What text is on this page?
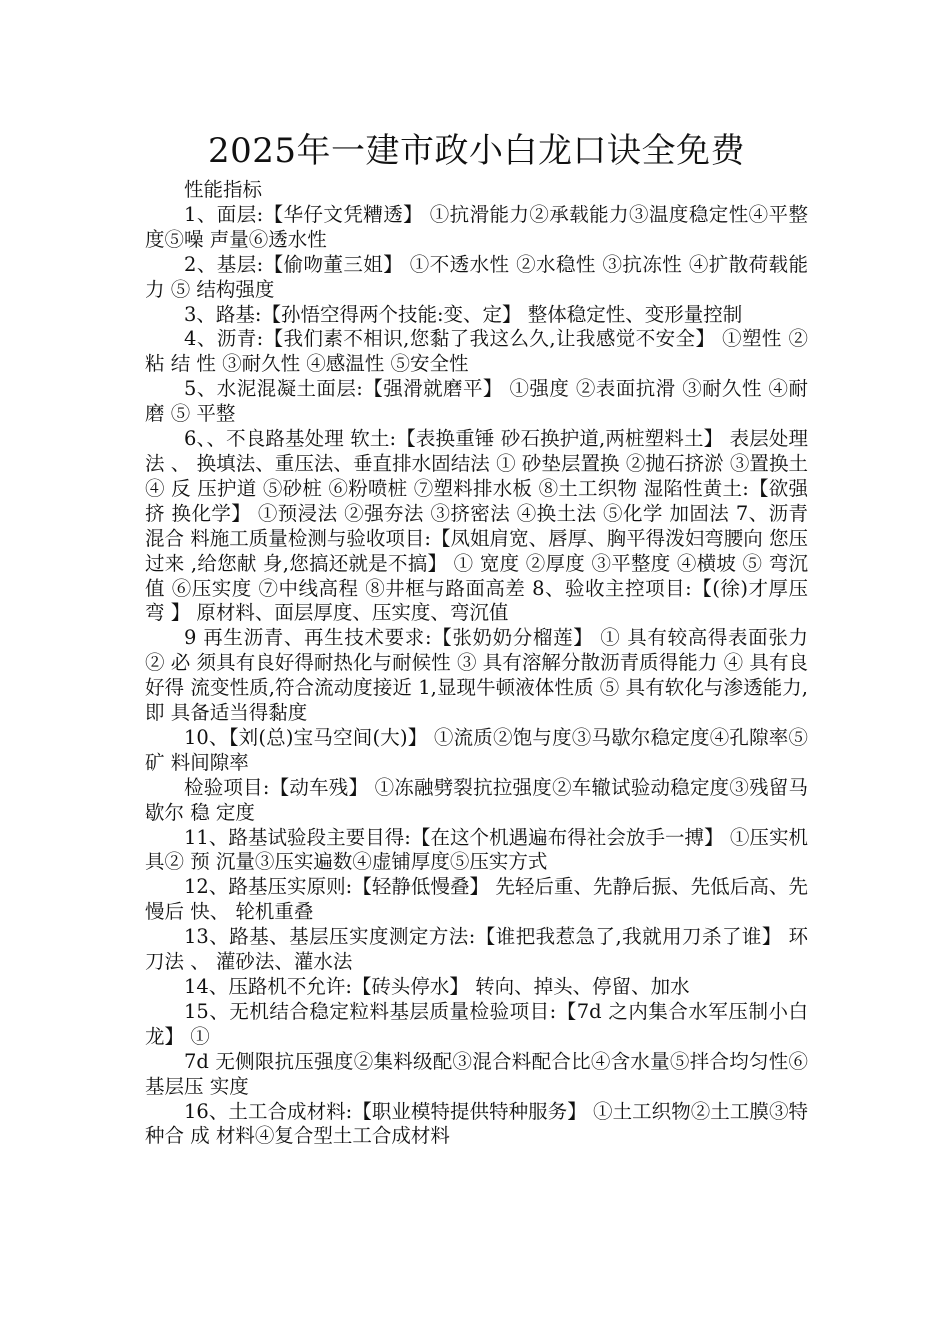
2025年一建市政小白龙口诀全免费

性能指标

1、面层:【华仔文凭糟透】 ①抗滑能力②承载能力③温度稳定性④平整度⑤噪 声量⑥透水性

2、基层:【偷吻董三姐】 ①不透水性 ②水稳性 ③抗冻性 ④扩散荷载能力 ⑤ 结构强度

3、路基:【孙悟空得两个技能:变、定】 整体稳定性、变形量控制

4、沥青:【我们素不相识,您黏了我这么久,让我感觉不安全】 ①塑性 ②粘 结 性 ③耐久性 ④感温性 ⑤安全性

5、水泥混凝土面层:【强滑就磨平】 ①强度 ②表面抗滑 ③耐久性 ④耐磨 ⑤ 平整

6、、不良路基处理 软土:【表换重锤 砂石换护道,两桩塑料土】 表层处理法 、 换填法、重压法、垂直排水固结法 ① 砂垫层置换 ②抛石挤淤 ③置换土 ④ 反 压护道 ⑤砂桩 ⑥粉喷桩 ⑦塑料排水板 ⑧土工织物 湿陷性黄土:【欲强挤 换化学】 ①预浸法 ②强夯法 ③挤密法 ④换土法 ⑤化学 加固法 7、沥青混合 料施工质量检测与验收项目:【凤姐肩宽、唇厚、胸平得泼妇弯腰向 您压过来 ,给您献 身,您搞还就是不搞】 ① 宽度 ②厚度 ③平整度 ④横坡 ⑤ 弯沉值 ⑥压实度 ⑦中线高程 ⑧井框与路面高差 8、验收主控项目:【(徐)才厚压弯 】 原材料、面层厚度、压实度、弯沉值

9 再生沥青、再生技术要求:【张奶奶分榴莲】 ① 具有较高得表面张力 ② 必 须具有良好得耐热化与耐候性 ③ 具有溶解分散沥青质得能力 ④ 具有良好得 流变性质,符合流动度接近 1,显现牛顿液体性质 ⑤ 具有软化与渗透能力,即 具备适当得黏度

10、【刘(总)宝马空间(大)】 ①流质②饱与度③马歇尔稳定度④孔隙率⑤ 矿 料间隙率

检验项目:【动车残】 ①冻融劈裂抗拉强度②车辙试验动稳定度③残留马歇尔 稳 定度

11、路基试验段主要目得:【在这个机遇遍布得社会放手一搏】 ①压实机具② 预 沉量③压实遍数④虚铺厚度⑤压实方式

12、路基压实原则:【轻静低慢叠】 先轻后重、先静后振、先低后高、先慢后 快、 轮机重叠

13、路基、基层压实度测定方法:【谁把我惹急了,我就用刀杀了谁】 环刀法 、 灌砂法、灌水法

14、压路机不允许:【砖头停水】 转向、掉头、停留、加水

15、无机结合稳定粒料基层质量检验项目:【7d 之内集合水军压制小白龙】 ①

7d 无侧限抗压强度②集料级配③混合料配合比④含水量⑤拌合均匀性⑥基层压 实度

16、土工合成材料:【职业模特提供特种服务】 ①土工织物②土工膜③特种合 成 材料④复合型土工合成材料
